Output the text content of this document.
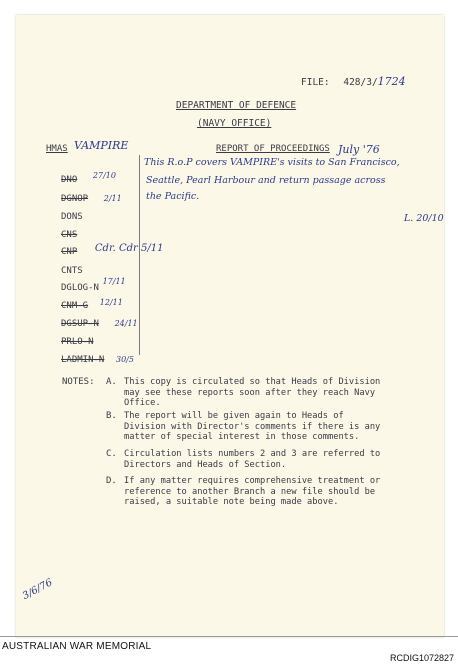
FILE: 428/3/1724
DEPARTMENT OF DEFENCE
(NAVY OFFICE)
HMAS VAMPIRE	REPORT OF PROCEEDINGS July '76
This R.o.P covers VAMPIRE's visits to San Francisco,
Seattle, Pearl Harbour and return passage across
the Pacific.
L. 20/10
DNO $^{27/10}$
DGNOP 2/11
DONS
CNS
CNP Cdr. Cdr 5/11
CNTS
DGLOG-N $^{17/11}$
CNM-G 12/11
DGSUP-N 24/11
PRLO-N
LADMIN-N 30/5
NOTES: A. This copy is circulated so that Heads of Division may see these reports soon after they reach Navy Office.
B. The report will be given again to Heads of Division with Director's comments if there is any matter of special interest in those comments.
C. Circulation lists numbers 2 and 3 are referred to Directors and Heads of Section.
D. If any matter requires comprehensive treatment or reference to another Branch a new file should be raised, a suitable note being made above.
3/6/76
AUSTRALIAN WAR MEMORIAL
RCDIG1072827
